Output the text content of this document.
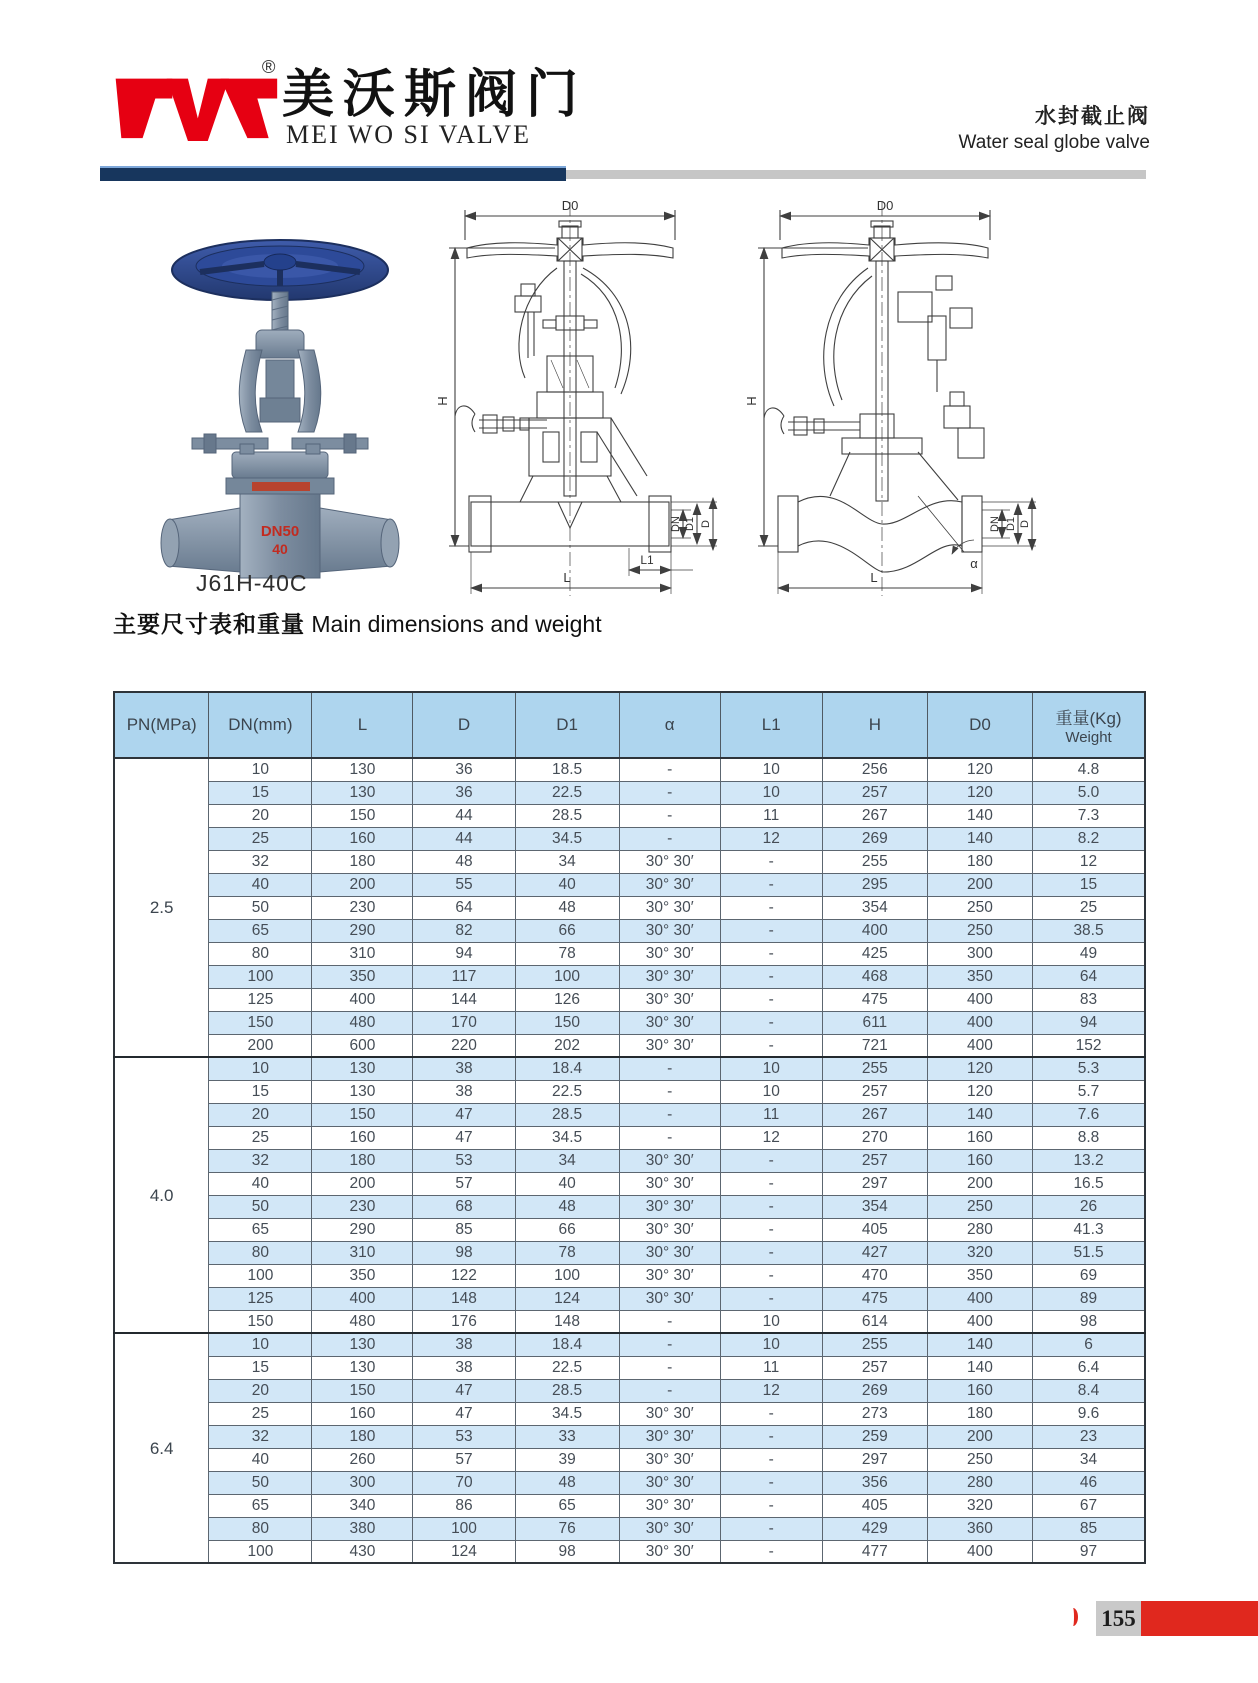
®
美沃斯阀门
MEI WO SI VALVE
水封截止阀
Water seal globe valve
DN50
40
D0
H
DN D1 D
L1
L
D0
α
H
DN D1 D
L
J61H-40C
主要尺寸表和重量 Main dimensions and weight
PN(MPa)	DN(mm)	L	D	D1	α	L1	H	D0	重量(Kg)
Weight

2.5	10	130	36	18.5	-	10	256	120	4.8
	15	130	36	22.5	-	10	257	120	5.0
	20	150	44	28.5	-	11	267	140	7.3
	25	160	44	34.5	-	12	269	140	8.2
	32	180	48	34	30° 30′	-	255	180	12
	40	200	55	40	30° 30′	-	295	200	15
	50	230	64	48	30° 30′	-	354	250	25
	65	290	82	66	30° 30′	-	400	250	38.5
	80	310	94	78	30° 30′	-	425	300	49
	100	350	117	100	30° 30′	-	468	350	64
	125	400	144	126	30° 30′	-	475	400	83
	150	480	170	150	30° 30′	-	611	400	94
	200	600	220	202	30° 30′	-	721	400	152
4.0	10	130	38	18.4	-	10	255	120	5.3
	15	130	38	22.5	-	10	257	120	5.7
	20	150	47	28.5	-	11	267	140	7.6
	25	160	47	34.5	-	12	270	160	8.8
	32	180	53	34	30° 30′	-	257	160	13.2
	40	200	57	40	30° 30′	-	297	200	16.5
	50	230	68	48	30° 30′	-	354	250	26
	65	290	85	66	30° 30′	-	405	280	41.3
	80	310	98	78	30° 30′	-	427	320	51.5
	100	350	122	100	30° 30′	-	470	350	69
	125	400	148	124	30° 30′	-	475	400	89
	150	480	176	148	-	10	614	400	98
6.4	10	130	38	18.4	-	10	255	140	6
	15	130	38	22.5	-	11	257	140	6.4
	20	150	47	28.5	-	12	269	160	8.4
	25	160	47	34.5	30° 30′	-	273	180	9.6
	32	180	53	33	30° 30′	-	259	200	23
	40	260	57	39	30° 30′	-	297	250	34
	50	300	70	48	30° 30′	-	356	280	46
	65	340	86	65	30° 30′	-	405	320	67
	80	380	100	76	30° 30′	-	429	360	85
	100	430	124	98	30° 30′	-	477	400	97
155
